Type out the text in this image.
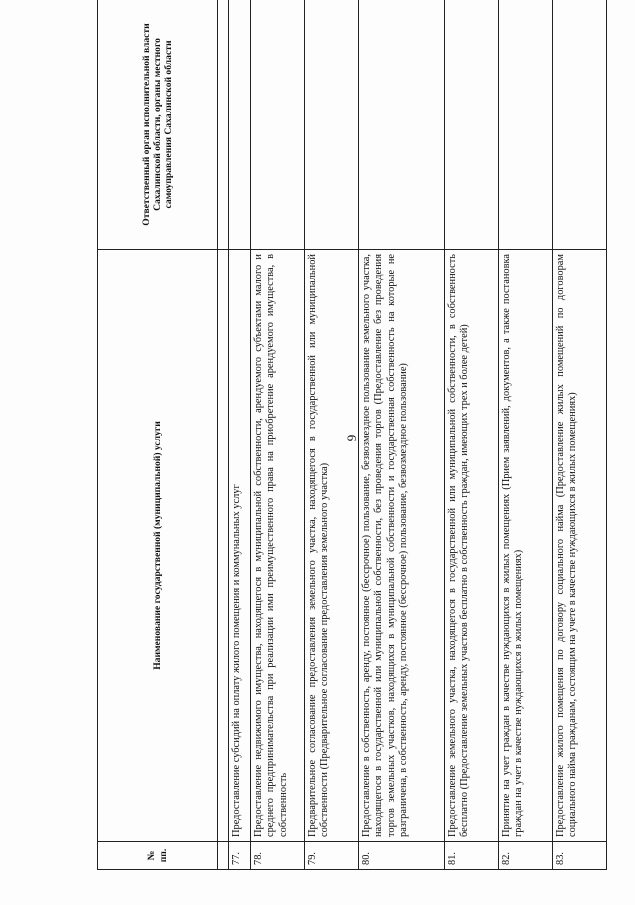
9
№ пп.	Наименование государственной (муниципальной) услуги	Ответственный орган исполнительной власти Сахалинской области, органы местного самоуправления Сахалинской области

77.	Предоставление субсидий на оплату жилого помещения и коммунальных услуг	
78.	Предоставление недвижимого имущества, находящегося в муниципальной собственности, арендуемого субъектами малого и среднего предпринимательства при реализации ими преимущественного права на приобретение арендуемого имущества, в собственность	
79.	Предварительное согласование предоставления земельного участка, находящегося в государственной или муниципальной собственности (Предварительное согласование предоставления земельного участка)	
80.	Предоставление в собственность, аренду, постоянное (бессрочное) пользование, безвозмездное пользование земельного участка, находящегося в государственной или муниципальной собственности, без проведения торгов (Предоставление без проведения торгов земельных участков, находящихся в муниципальной собственности и государственная собственность на которые не разграничена, в собственность, аренду, постоянное (бессрочное) пользование, безвозмездное пользование)	
81.	Предоставление земельного участка, находящегося в государственной или муниципальной собственности, в собственность бесплатно (Предоставление земельных участков бесплатно в собственность граждан, имеющих трех и более детей)	
82.	Принятие на учет граждан в качестве нуждающихся в жилых помещениях (Прием заявлений, документов, а также постановка граждан на учет в качестве нуждающихся в жилых помещениях)	
83.	Предоставление жилого помещения по договору социального найма (Предоставление жилых помещений по договорам социального найма гражданам, состоящим на учете в качестве нуждающихся в жилых помещениях)	
